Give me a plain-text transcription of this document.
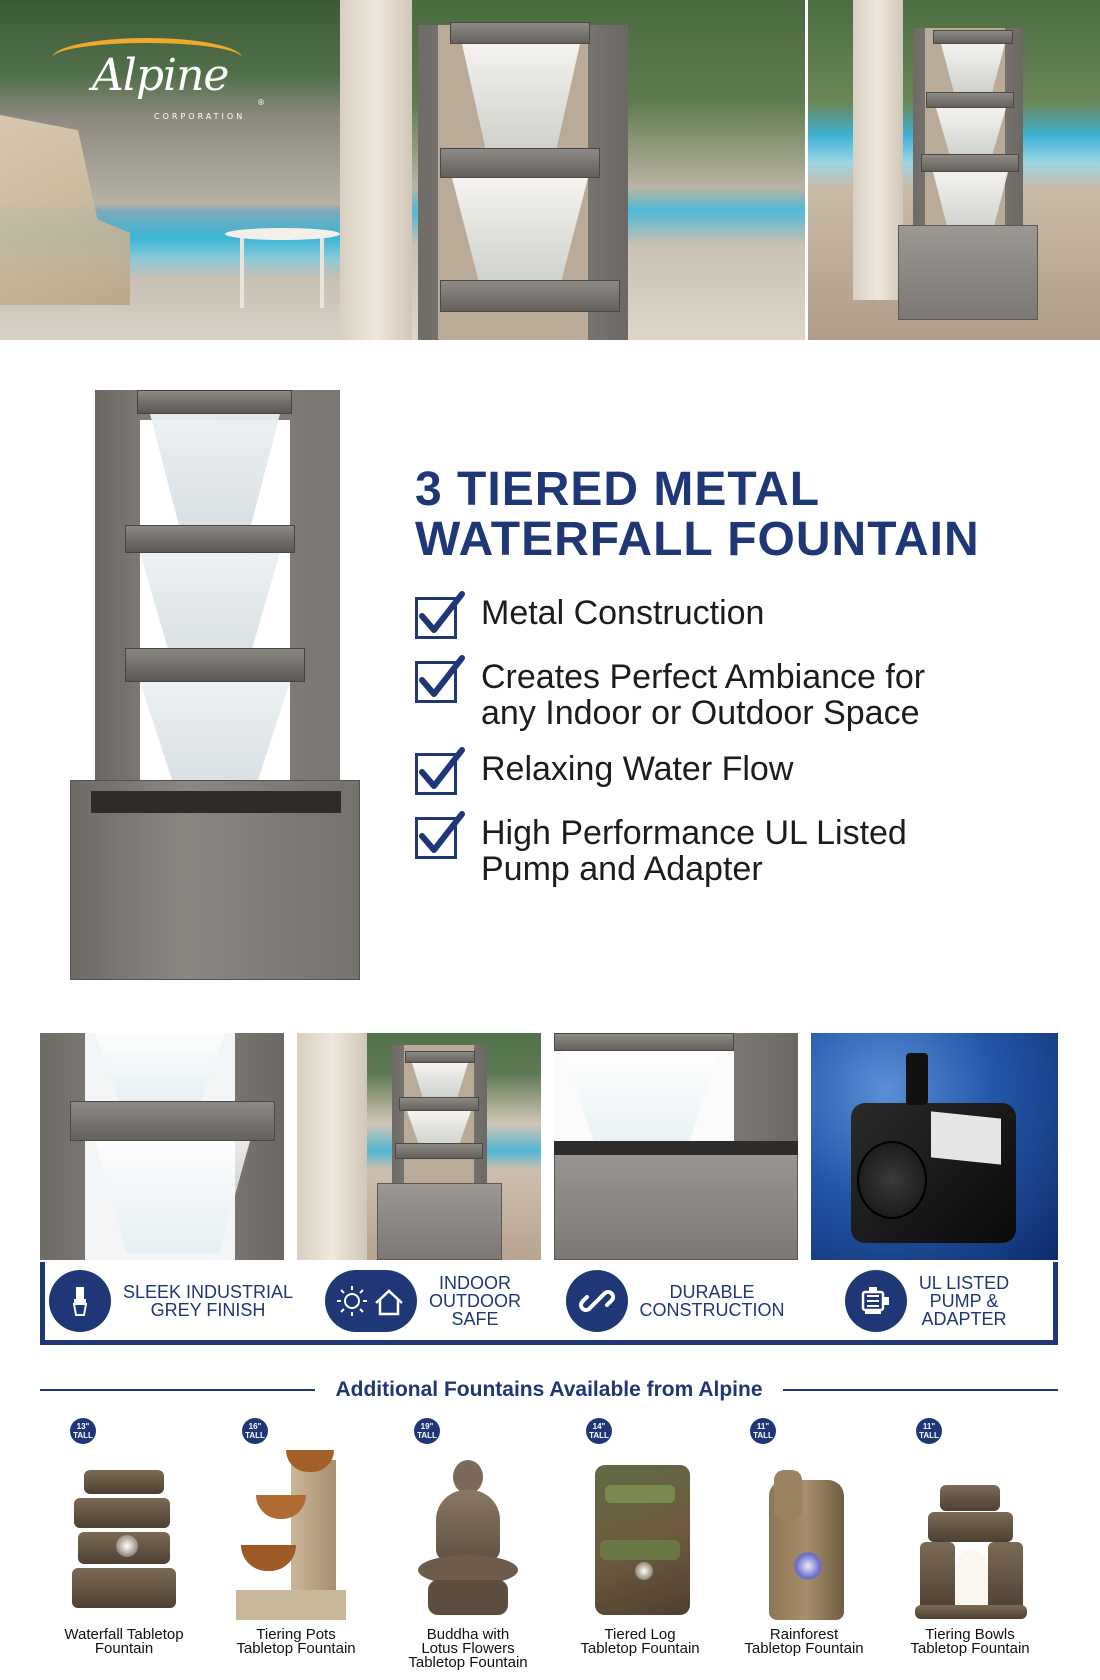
Alpine
®
CORPORATION
3 TIERED METAL
WATERFALL FOUNTAIN
Metal Construction
Creates Perfect Ambiance for
any Indoor or Outdoor Space
Relaxing Water Flow
High Performance UL Listed
Pump and Adapter
SLEEK INDUSTRIAL
GREY FINISH
INDOOR
OUTDOOR
SAFE
DURABLE
CONSTRUCTION
UL LISTED
PUMP &
ADAPTER
Additional Fountains Available from Alpine
13"
TALL
Waterfall Tabletop
Fountain
16"
TALL
Tiering Pots
Tabletop Fountain
19"
TALL
Buddha with
Lotus Flowers
Tabletop Fountain
14"
TALL
Tiered Log
Tabletop Fountain
11"
TALL
Rainforest
Tabletop Fountain
11"
TALL
Tiering Bowls
Tabletop Fountain
